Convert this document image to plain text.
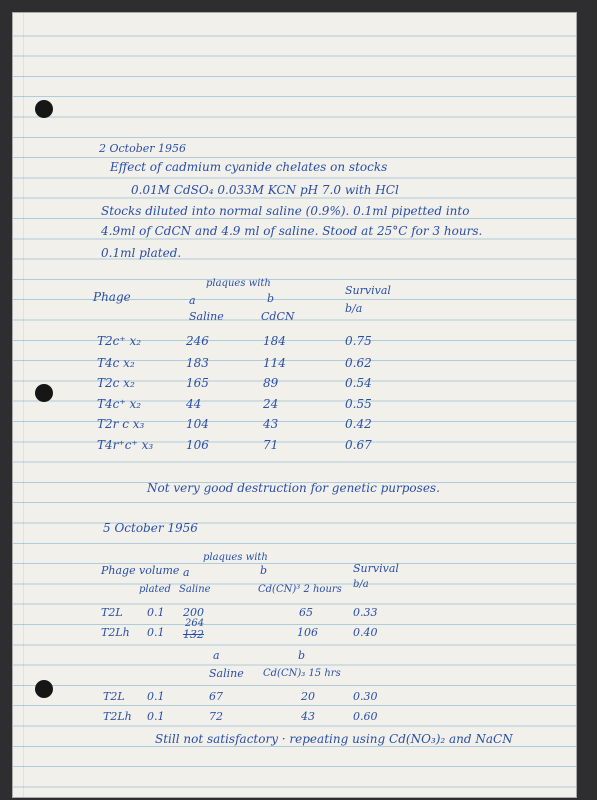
2 October 1956
Effect of cadmium cyanide chelates on stocks
0.01M CdSO₄ 0.033M KCN pH 7.0 with HCl
Stocks diluted into normal saline (0.9%). 0.1ml pipetted into
4.9ml of CdCN and 4.9 ml of saline. Stood at 25°C for 3 hours.
0.1ml plated.
plaques with
Phage	a	b
Survival
b/a
Saline	CdCN
T2c⁺ x₂	246	184	0.75
T4c x₂	183	114	0.62
T2c x₂	165	89	0.54
T4c⁺ x₂	44	24	0.55
T2r c x₃	104	43	0.42
T4r⁺c⁺ x₃	106	71	0.67
Not very good destruction for genetic purposes.
5 October 1956
plaques with
Phage volume a	b	Survival
plated Saline	Cd(CN)³ 2 hours b/a
T2L 0.1 200	65	0.33
264
T2Lh 0.1 132	106	0.40
a	b
Saline Cd(CN)₃ 15 hrs
T2L 0.1	67	20	0.30
T2Lh 0.1	72	43	0.60
Still not satisfactory · repeating using Cd(NO₃)₂ and NaCN
